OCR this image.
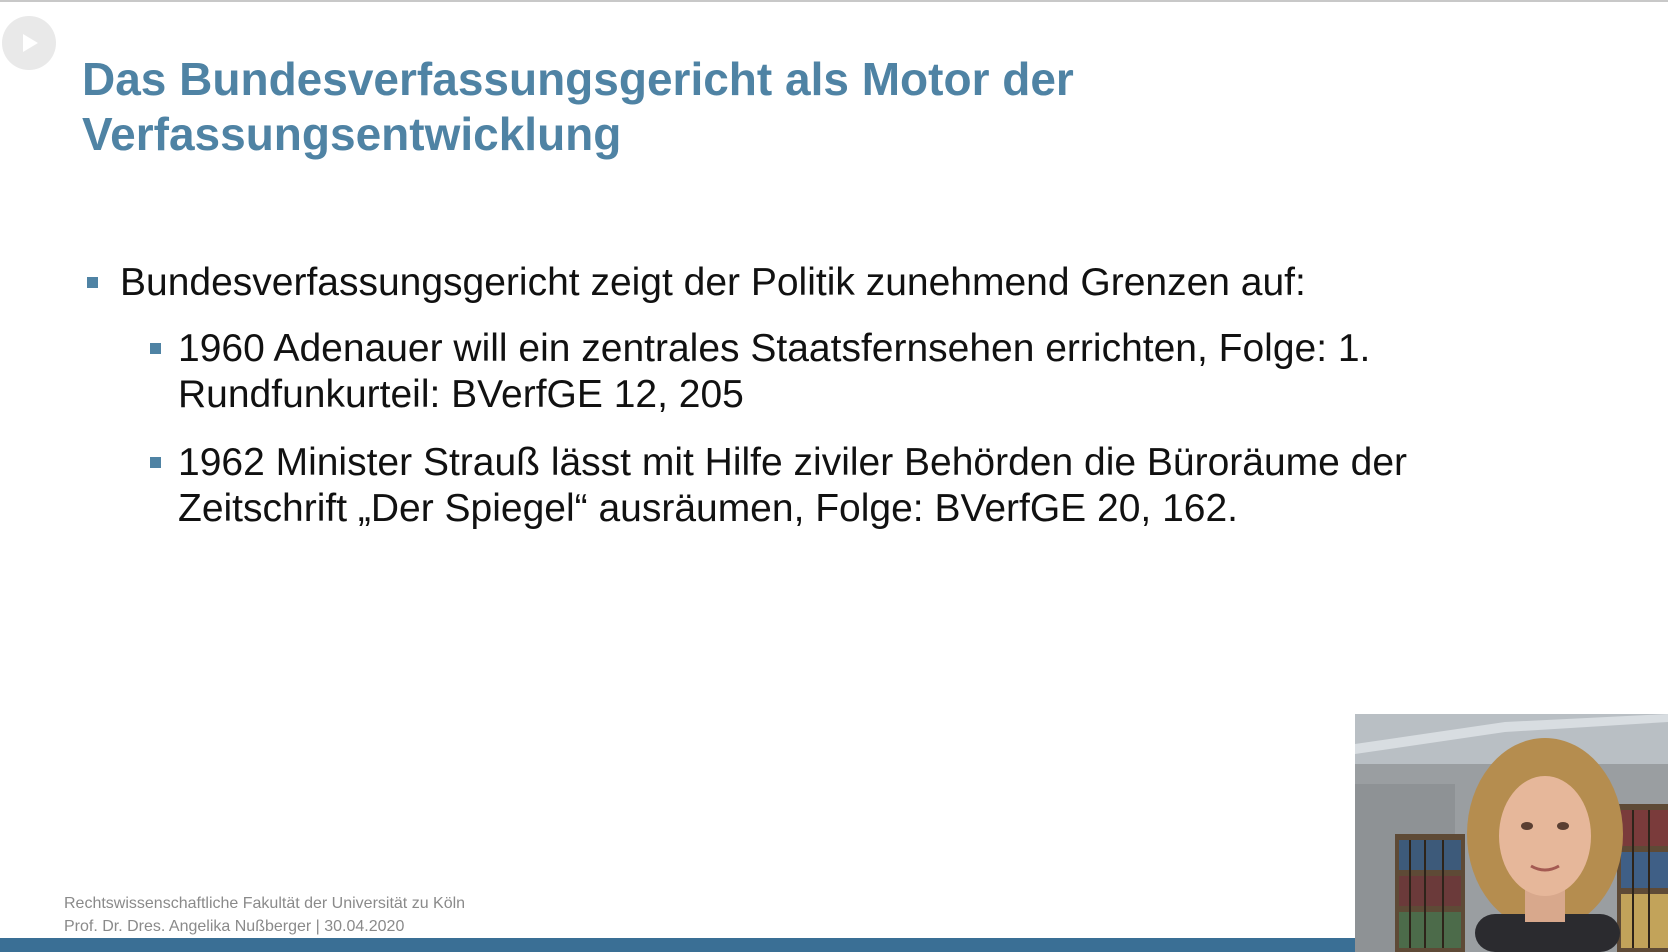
Das Bundesverfassungsgericht als Motor der
Verfassungsentwicklung
Bundesverfassungsgericht zeigt der Politik zunehmend Grenzen auf:
1960 Adenauer will ein zentrales Staatsfernsehen errichten, Folge: 1.
Rundfunkurteil: BVerfGE 12, 205
1962 Minister Strauß lässt mit Hilfe ziviler Behörden die Büroräume der
Zeitschrift „Der Spiegel“ ausräumen, Folge: BVerfGE 20, 162.
Rechtswissenschaftliche Fakultät der Universität zu Köln
Prof. Dr. Dres. Angelika Nußberger | 30.04.2020
